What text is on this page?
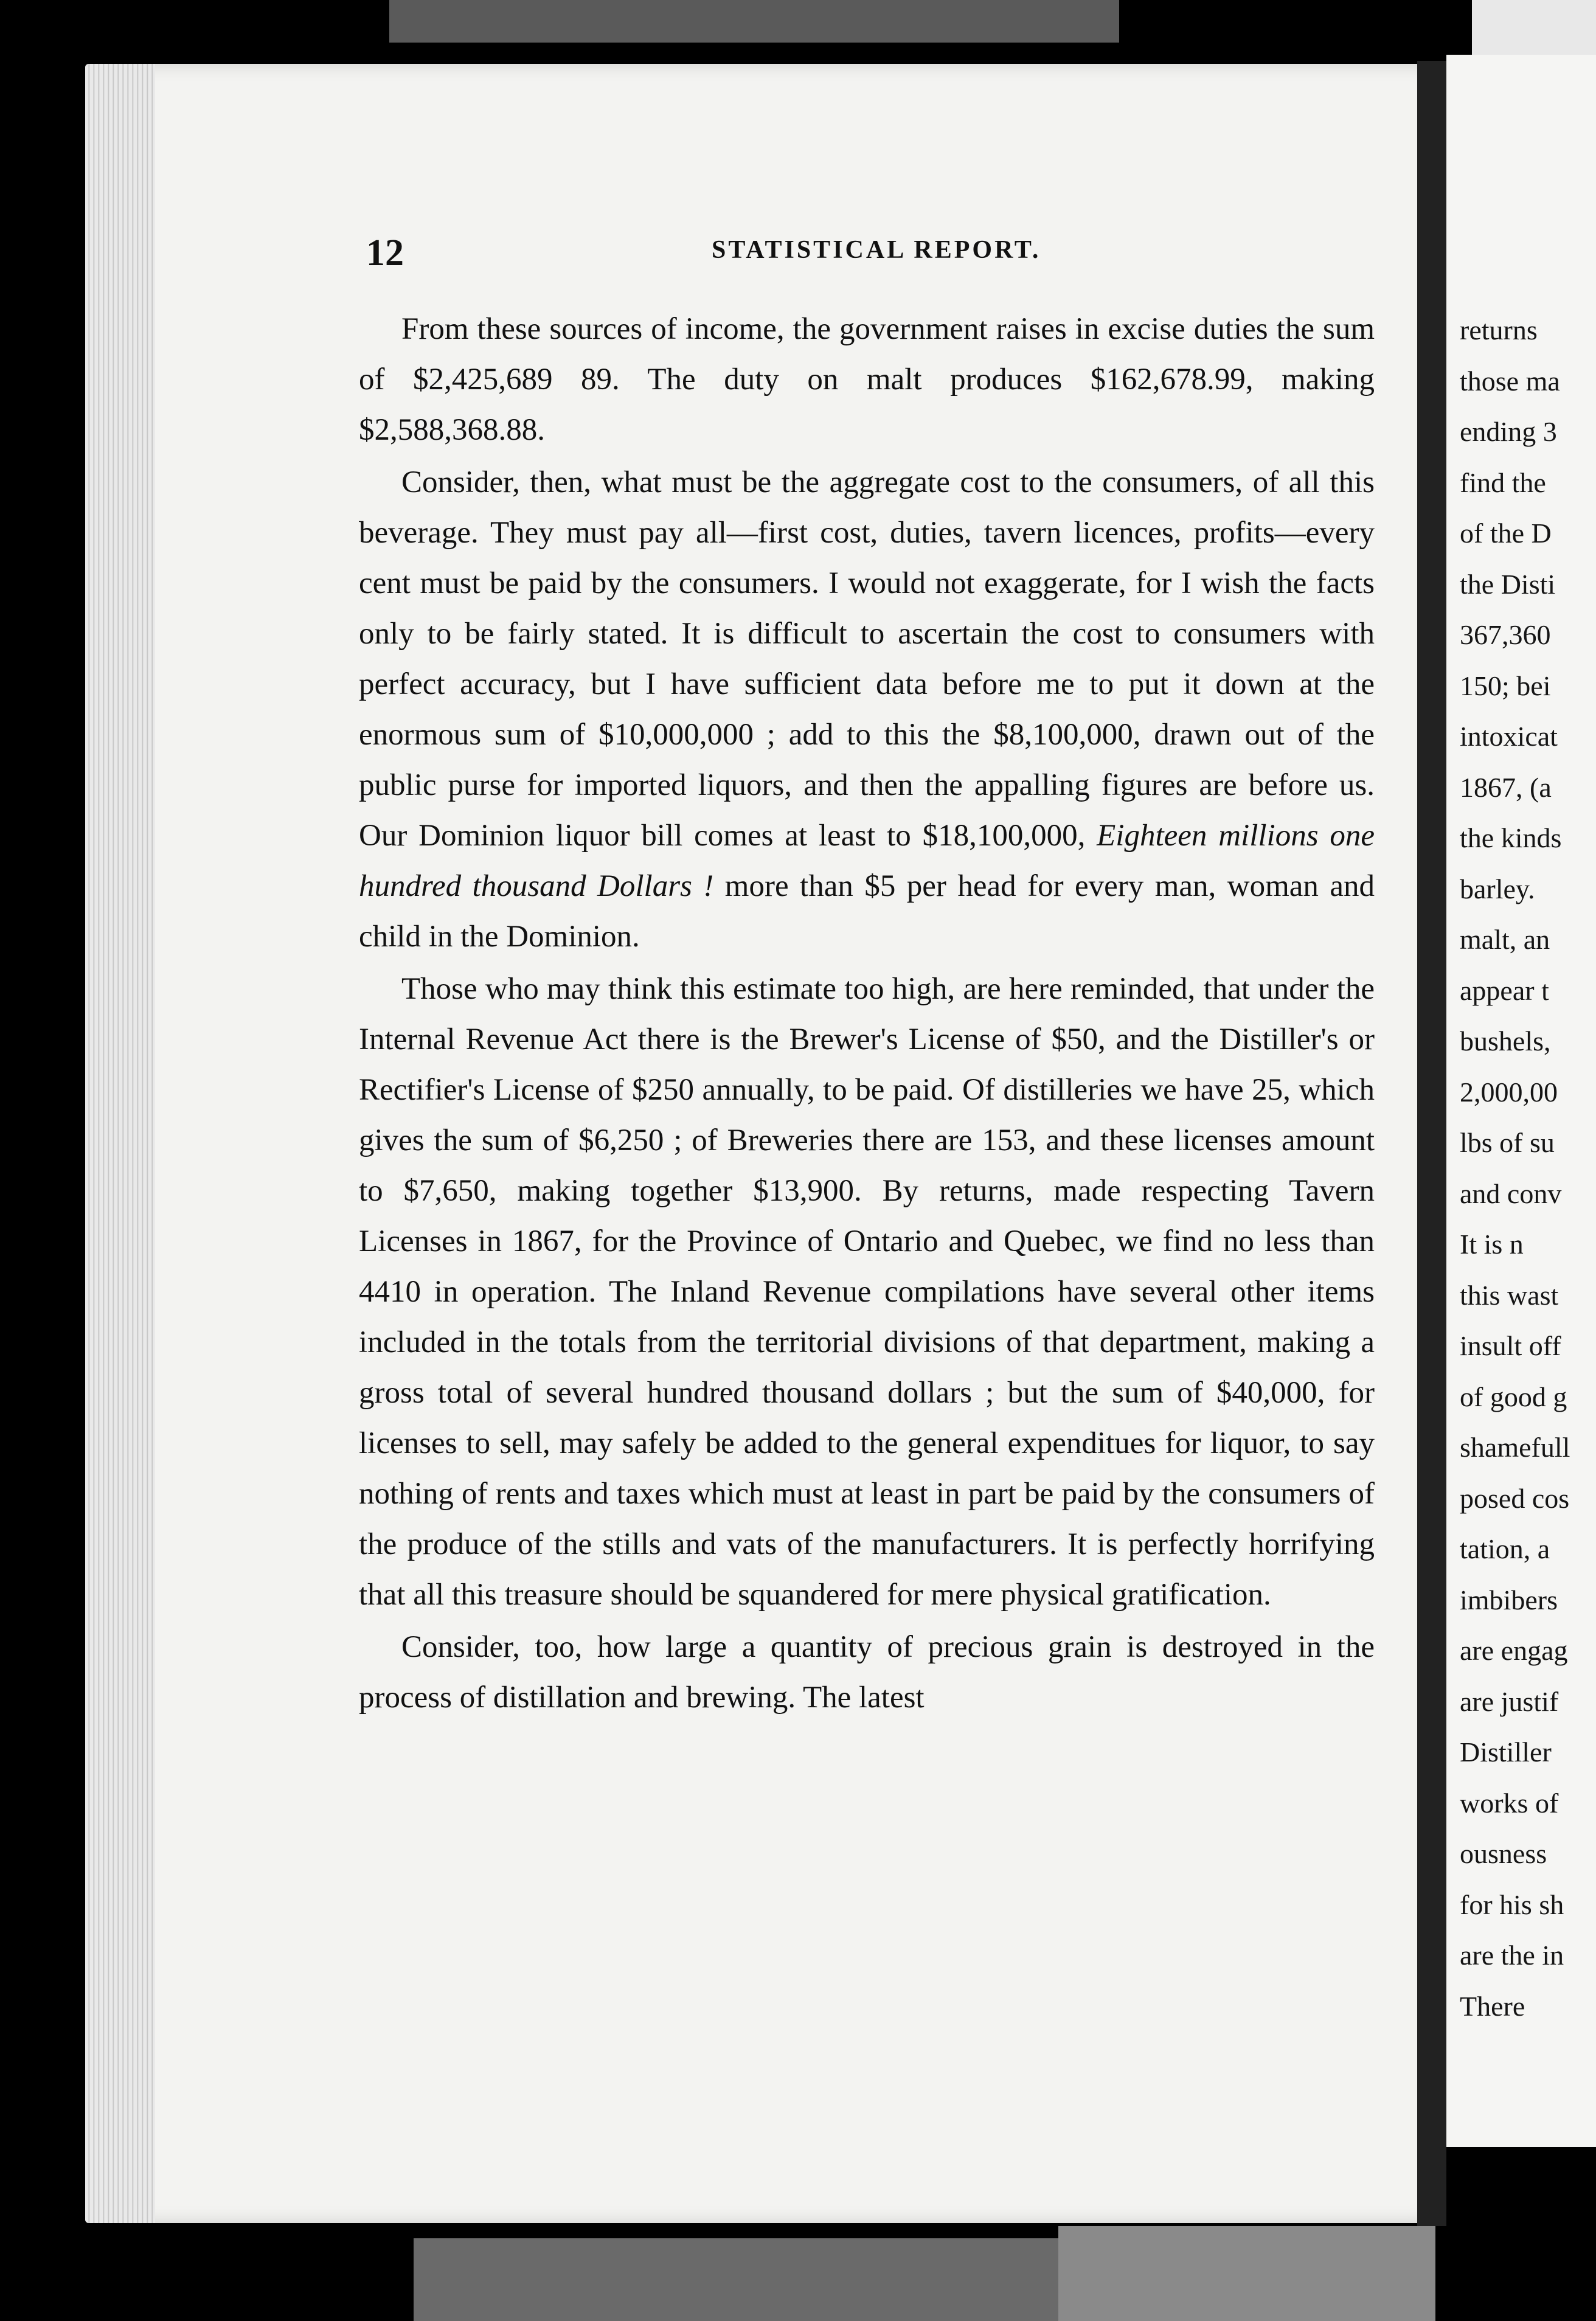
12	STATISTICAL REPORT.

From these sources of income, the government raises in excise duties the sum of $2,425,689 89. The duty on malt produces $162,678.99, making $2,588,368.88.

Consider, then, what must be the aggregate cost to the consumers, of all this beverage. They must pay all—first cost, duties, tavern licences, profits—every cent must be paid by the consumers. I would not exaggerate, for I wish the facts only to be fairly stated. It is difficult to ascertain the cost to consumers with perfect accuracy, but I have sufficient data before me to put it down at the enormous sum of $10,000,000 ; add to this the $8,100,000, drawn out of the public purse for imported liquors, and then the appalling figures are before us. Our Dominion liquor bill comes at least to $18,100,000, Eighteen millions one hundred thousand Dollars ! more than $5 per head for every man, woman and child in the Dominion.

Those who may think this estimate too high, are here reminded, that under the Internal Revenue Act there is the Brewer's License of $50, and the Distiller's or Rectifier's License of $250 annually, to be paid. Of distilleries we have 25, which gives the sum of $6,250 ; of Breweries there are 153, and these licenses amount to $7,650, making together $13,900. By returns, made respecting Tavern Licenses in 1867, for the Province of Ontario and Quebec, we find no less than 4410 in operation. The Inland Revenue compilations have several other items included in the totals from the territorial divisions of that department, making a gross total of several hundred thousand dollars ; but the sum of $40,000, for licenses to sell, may safely be added to the general expenditues for liquor, to say nothing of rents and taxes which must at least in part be paid by the consumers of the produce of the stills and vats of the manufacturers. It is perfectly horrifying that all this treasure should be squandered for mere physical gratification.

Consider, too, how large a quantity of precious grain is destroyed in the process of distillation and brewing. The latest

returns
those ma
ending 3
find the
of the D
the Disti
367,360
150; bei
intoxicat
1867, (a
the kinds
barley.
malt, an
appear t
bushels,
2,000,00
lbs of su
and conv
It is n
this wast
insult off
of good g
shamefull
posed cos
tation, a
imbibers
are engag
are justif
Distiller
works of
ousness
for his sh
are the in
There
